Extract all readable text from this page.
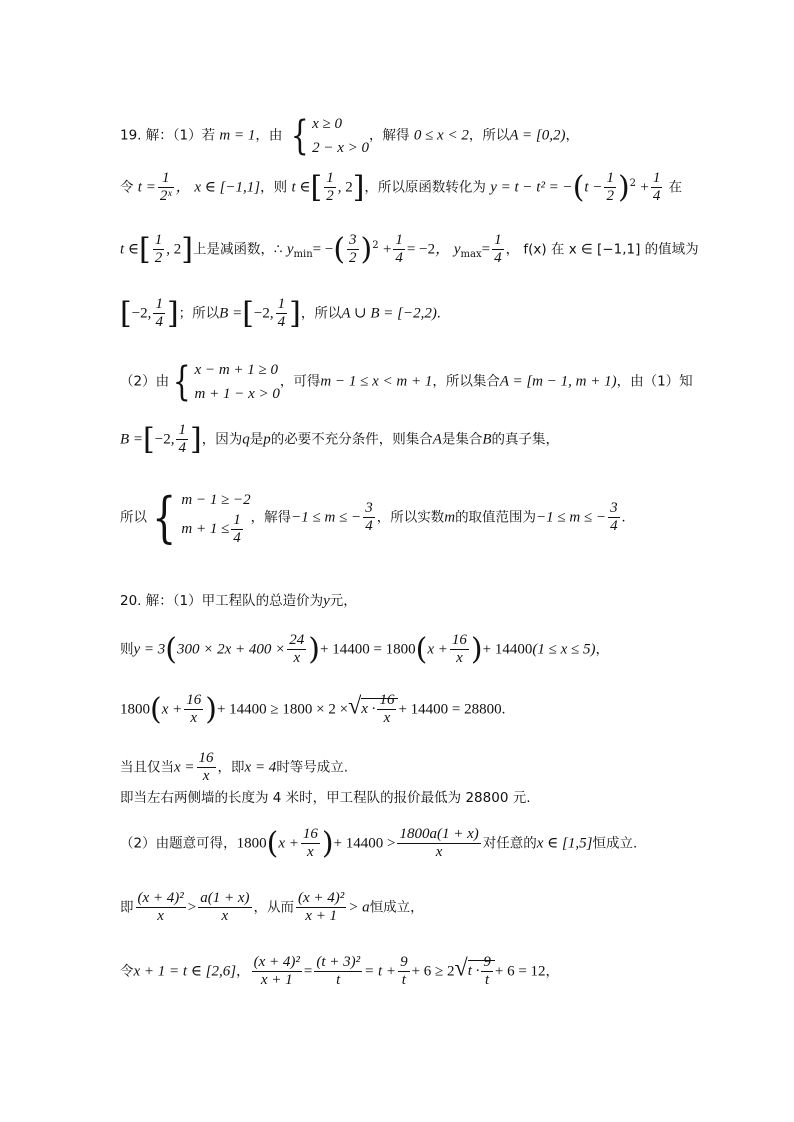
19. 解：（1）若 m = 1，由 { x ≥ 0
2 − x > 0
，解得 0 ≤ x < 2，所以A = [0,2)，
令 $t = \frac{1}{\text{2ˣ}}$ ， x ∈ [−1,1]，则 t ∈[ $\frac{1}{2}$ , 2]，所以原函数转化为 $y = t - t^2 = -(t - \frac{1}{2} )^2 + \frac{1}{4}$ 在
t ∈[ $\frac{1}{2}$ , 2]上是减函数，∴ $y_{min}=$ −( $\frac{3}{2} )^2 + \frac{1}{4} = -2$， $y_{max}= \frac{1}{4}$ ， f(x) 在 x ∈ [−1,1] 的值域为
[−2, $\frac{1}{4}$ ]；所以B =[−2, $\frac{1}{4}$ ]，所以A ∪ B = [−2,2).
（2）由{ x − m + 1 ≥ 0
m + 1 − x > 0
，可得m − 1 ≤ x < m + 1，所以集合A = [m − 1, m + 1)，由（1）知
B =[−2, $\frac{1}{4}$ ]，因为q是p的必要不充分条件，则集合A是集合B的真子集，
所以{ m − 1 ≥ −2
$m + 1 \le \frac{1}{4}$ ，解得−1 ≤ m ≤ − $\frac{3}{4}$ ，所以实数m的取值范围为−1 ≤ m ≤ − $\frac{3}{4}$ .
20. 解：（1）甲工程队的总造价为y元，
则$y = 3(300 \times 2x + 400 \times \frac{24}{x}$ )+ $14400 = 1800(x + \frac{16}{x}$ )+ 14400(1 ≤ x ≤ 5)，
$1800(x + \frac{16}{x}$ )+ $14400 \ge 1800 \times 2 \times√x \cdot \frac{16}{x} + 14400 = 28800$.
当且仅当$x = \frac{16}{x}$ ，即x = 4时等号成立.
即当左右两侧墙的长度为 4 米时，甲工程队的报价最低为 28800 元.
（2）由题意可得，$1800(x + \frac{16}{x}$ )+ $14400 > \frac{1800a(1 + x)}{x}$ 对任意的x ∈ [1,5]恒成立.
即 $\frac{\text{(x + 4)²}}{x} > \frac{a(1 + x)}{x}$ ，从而 $\frac{\text{(x + 4)²}}{x + 1} > a$恒成立，
令x + 1 = t ∈ [2,6]， $\frac{\text{(x + 4)²}}{x + 1} = \frac{\text{(t + 3)²}}{t} = t + \frac{9}{t} + 6 \ge 2√t \cdot \frac{9}{t} + 6 = 12$，
